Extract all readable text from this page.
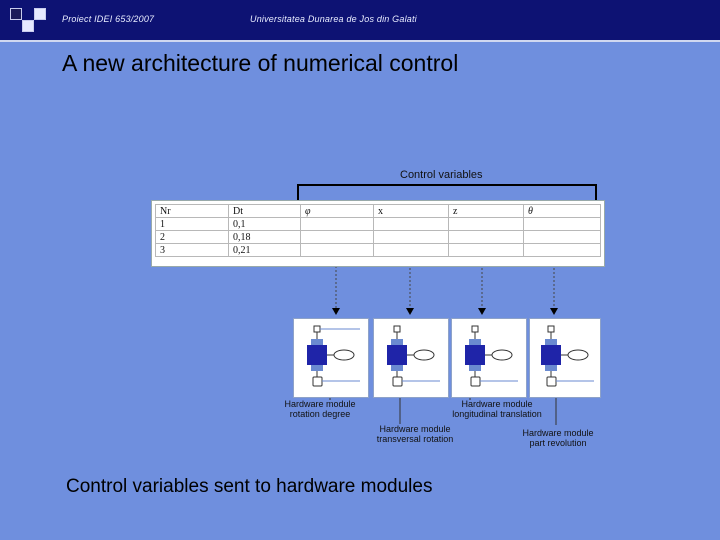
Proiect IDEI 653/2007	Universitatea Dunarea de Jos din Galati
A new architecture of numerical control
Control variables
Nr	Dt	φ	x	z	θ
1	0,1				
2	0,18				
3	0,21				
Hardware module
rotation degree
Hardware module
longitudinal translation
Hardware module
transversal rotation
Hardware module
part revolution
Control variables sent to hardware modules
